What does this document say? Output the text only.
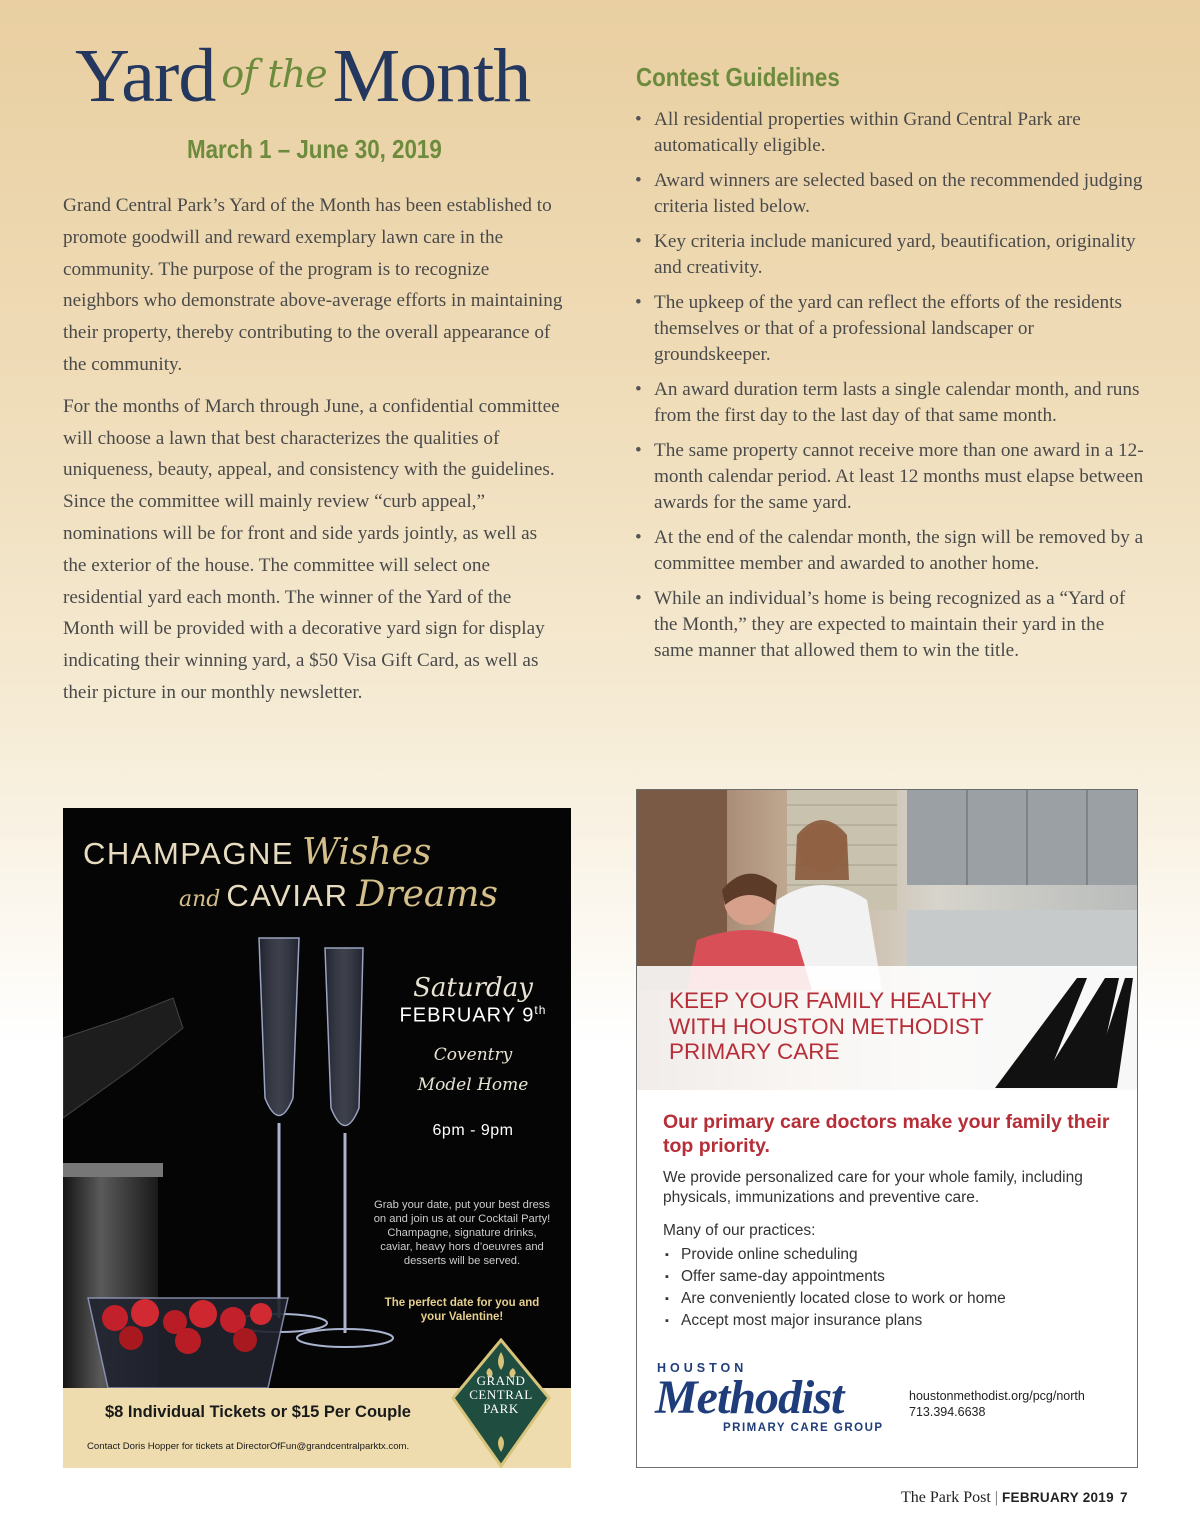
Yard of theMonth
March 1 – June 30, 2019

Grand Central Park’s Yard of the Month has been established to promote goodwill and reward exemplary lawn care in the community. The purpose of the program is to recognize neighbors who demonstrate above-average efforts in maintaining their property, thereby contributing to the overall appearance of the community.

For the months of March through June, a confidential committee will choose a lawn that best characterizes the qualities of uniqueness, beauty, appeal, and consistency with the guidelines. Since the committee will mainly review “curb appeal,” nominations will be for front and side yards jointly, as well as the exterior of the house. The committee will select one residential yard each month. The winner of the Yard of the Month will be provided with a decorative yard sign for display indicating their winning yard, a $50 Visa Gift Card, as well as their picture in our monthly newsletter.

Contest Guidelines
• All residential properties within Grand Central Park are automatically eligible.
• Award winners are selected based on the recommended judging criteria listed below.
• Key criteria include manicured yard, beautification, originality and creativity.
• The upkeep of the yard can reflect the efforts of the residents themselves or that of a professional landscaper or groundskeeper.
• An award duration term lasts a single calendar month, and runs from the first day to the last day of that same month.
• The same property cannot receive more than one award in a 12-month calendar period. At least 12 months must elapse between awards for the same yard.
• At the end of the calendar month, the sign will be removed by a committee member and awarded to another home.
• While an individual’s home is being recognized as a “Yard of the Month,” they are expected to maintain their yard in the same manner that allowed them to win the title.
CHAMPAGNE Wishes
and CAVIAR Dreams
Saturday
FEBRUARY 9th
Coventry
Model Home
6pm - 9pm
Grab your date, put your best dress on and join us at our Cocktail Party! Champagne, signature drinks, caviar, heavy hors d’oeuvres and desserts will be served.
The perfect date for you and your Valentine!
$8 Individual Tickets or $15 Per Couple
Contact Doris Hopper for tickets at DirectorOfFun@grandcentralparktx.com.
GRAND
CENTRAL
PARK
KEEP YOUR FAMILY HEALTHY WITH HOUSTON METHODIST PRIMARY CARE
Our primary care doctors make your family their top priority.
We provide personalized care for your whole family, including physicals, immunizations and preventive care.
Many of our practices:
▪ Provide online scheduling
▪ Offer same-day appointments
▪ Are conveniently located close to work or home
▪ Accept most major insurance plans
HOUSTON
Methodist
PRIMARY CARE GROUP
houstonmethodist.org/pcg/north
713.394.6638
The Park Post | FEBRUARY 2019 7
